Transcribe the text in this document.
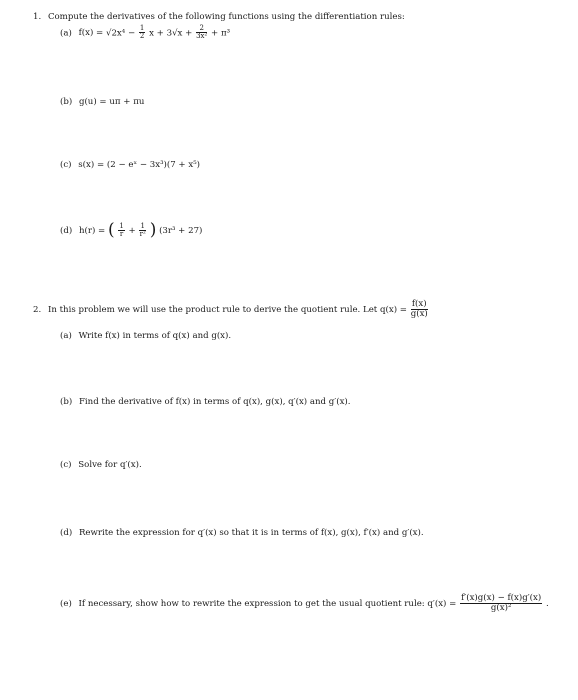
1. Compute the derivatives of the following functions using the differentiation rules:
(a) $f(x) = √2x^4 - \frac{1}{2}$ $x + 3√x + \frac{2}{\text{3x²}} + \pi^3$
(b) g(u) = uπ + πu
(c) s(x) = (2 − eˣ − 3x³)(7 + x⁵)
(d) h(r) = ( $\frac{1}{r} + \frac{1}{\text{r²}}$ ) (3r³ + 27)
2. In this problem we will use the product rule to derive the quotient rule. Let $q(x) = \frac{f(x)}{g(x)}$
(a) Write f(x) in terms of q(x) and g(x).
(b) Find the derivative of f(x) in terms of q(x), g(x), q′(x) and g′(x).
(c) Solve for q′(x).
(d) Rewrite the expression for q′(x) so that it is in terms of f(x), g(x), f′(x) and g′(x).
(e) If necessary, show how to rewrite the expression to get the usual quotient rule: $q'(x) = \frac{f'(x)g(x) - f(x)g'(x)}{\text{g(x)²}}$ .
